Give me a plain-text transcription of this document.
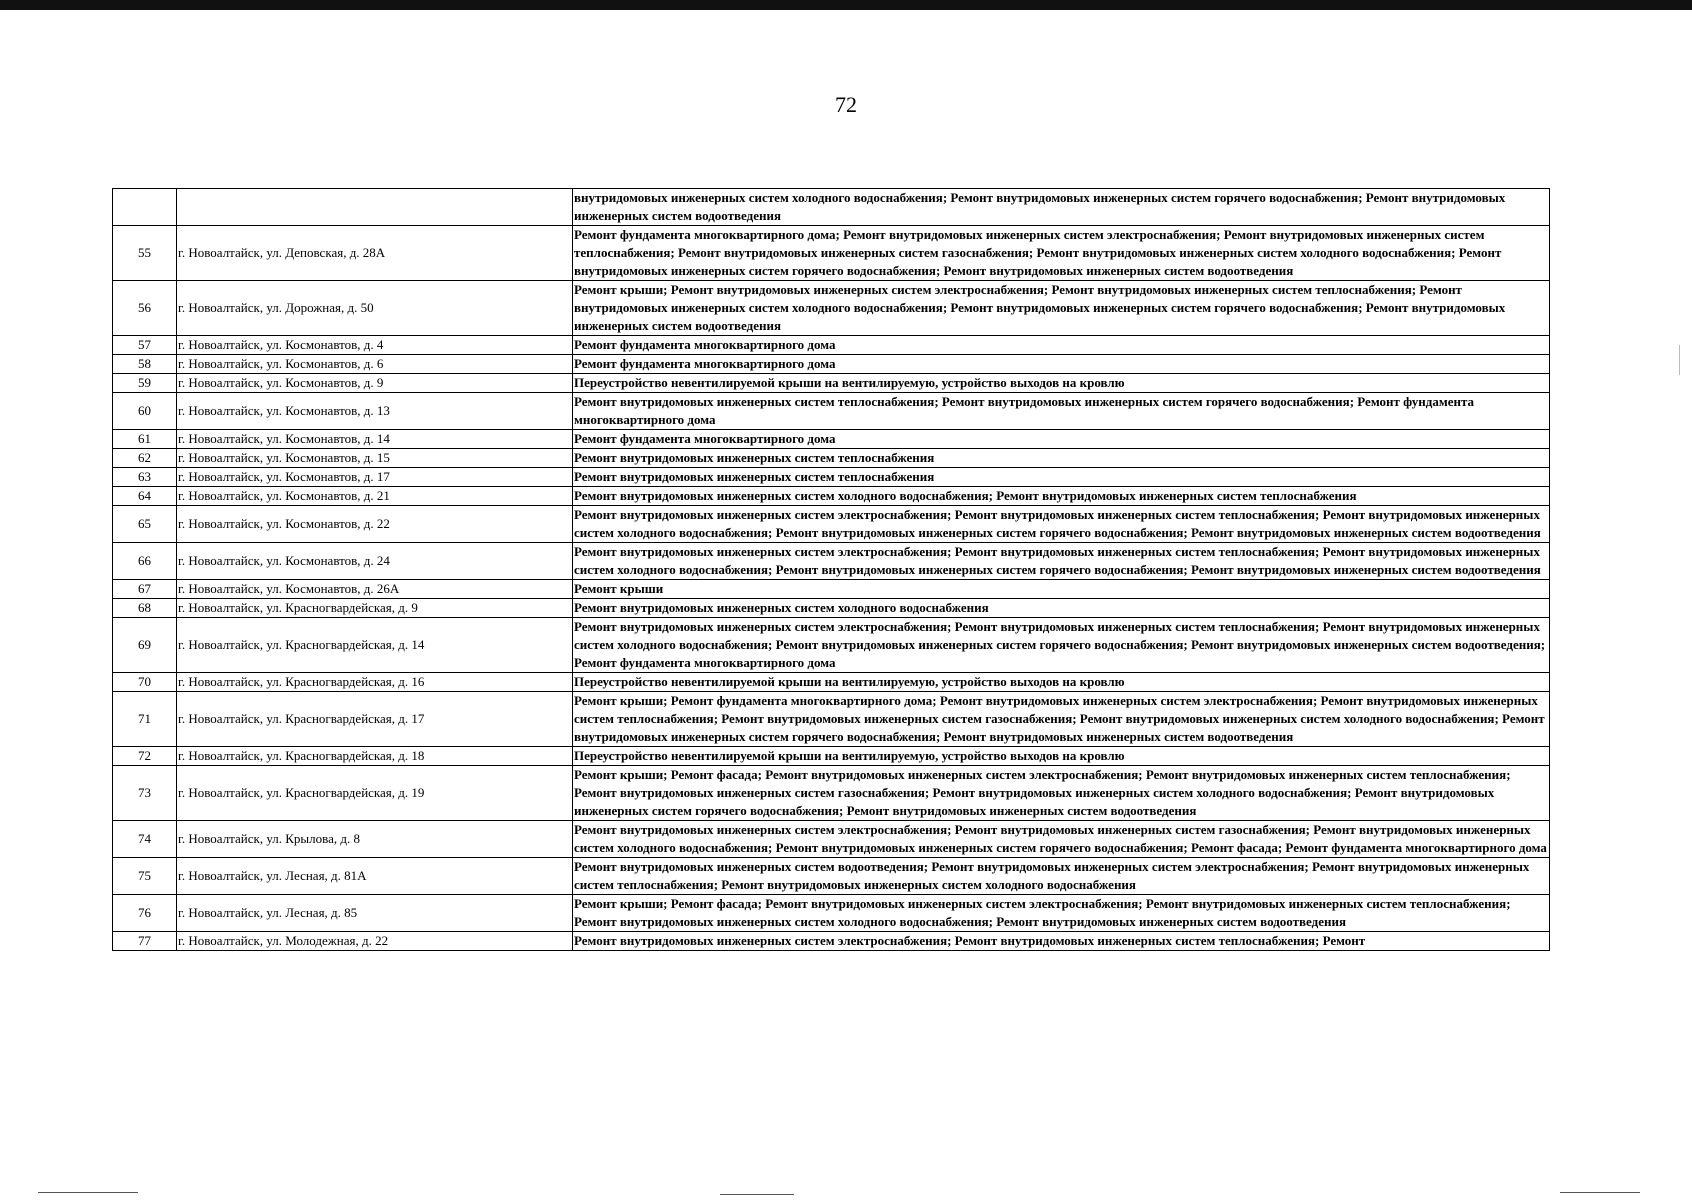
72
		внутридомовых инженерных систем холодного водоснабжения; Ремонт внутридомовых инженерных систем горячего водоснабжения; Ремонт внутридомовых инженерных систем водоотведения
55	г. Новоалтайск, ул. Деповская, д. 28А	Ремонт фундамента многоквартирного дома; Ремонт внутридомовых инженерных систем электроснабжения; Ремонт внутридомовых инженерных систем теплоснабжения; Ремонт внутридомовых инженерных систем газоснабжения; Ремонт внутридомовых инженерных систем холодного водоснабжения; Ремонт внутридомовых инженерных систем горячего водоснабжения; Ремонт внутридомовых инженерных систем водоотведения
56	г. Новоалтайск, ул. Дорожная, д. 50	Ремонт крыши; Ремонт внутридомовых инженерных систем электроснабжения; Ремонт внутридомовых инженерных систем теплоснабжения; Ремонт внутридомовых инженерных систем холодного водоснабжения; Ремонт внутридомовых инженерных систем горячего водоснабжения; Ремонт внутридомовых инженерных систем водоотведения
57	г. Новоалтайск, ул. Космонавтов, д. 4	Ремонт фундамента многоквартирного дома
58	г. Новоалтайск, ул. Космонавтов, д. 6	Ремонт фундамента многоквартирного дома
59	г. Новоалтайск, ул. Космонавтов, д. 9	Переустройство невентилируемой крыши на вентилируемую, устройство выходов на кровлю
60	г. Новоалтайск, ул. Космонавтов, д. 13	Ремонт внутридомовых инженерных систем теплоснабжения; Ремонт внутридомовых инженерных систем горячего водоснабжения; Ремонт фундамента многоквартирного дома
61	г. Новоалтайск, ул. Космонавтов, д. 14	Ремонт фундамента многоквартирного дома
62	г. Новоалтайск, ул. Космонавтов, д. 15	Ремонт внутридомовых инженерных систем теплоснабжения
63	г. Новоалтайск, ул. Космонавтов, д. 17	Ремонт внутридомовых инженерных систем теплоснабжения
64	г. Новоалтайск, ул. Космонавтов, д. 21	Ремонт внутридомовых инженерных систем холодного водоснабжения; Ремонт внутридомовых инженерных систем теплоснабжения
65	г. Новоалтайск, ул. Космонавтов, д. 22	Ремонт внутридомовых инженерных систем электроснабжения; Ремонт внутридомовых инженерных систем теплоснабжения; Ремонт внутридомовых инженерных систем холодного водоснабжения; Ремонт внутридомовых инженерных систем горячего водоснабжения; Ремонт внутридомовых инженерных систем водоотведения
66	г. Новоалтайск, ул. Космонавтов, д. 24	Ремонт внутридомовых инженерных систем электроснабжения; Ремонт внутридомовых инженерных систем теплоснабжения; Ремонт внутридомовых инженерных систем холодного водоснабжения; Ремонт внутридомовых инженерных систем горячего водоснабжения; Ремонт внутридомовых инженерных систем водоотведения
67	г. Новоалтайск, ул. Космонавтов, д. 26А	Ремонт крыши
68	г. Новоалтайск, ул. Красногвардейская, д. 9	Ремонт внутридомовых инженерных систем холодного водоснабжения
69	г. Новоалтайск, ул. Красногвардейская, д. 14	Ремонт внутридомовых инженерных систем электроснабжения; Ремонт внутридомовых инженерных систем теплоснабжения; Ремонт внутридомовых инженерных систем холодного водоснабжения; Ремонт внутридомовых инженерных систем горячего водоснабжения; Ремонт внутридомовых инженерных систем водоотведения; Ремонт фундамента многоквартирного дома
70	г. Новоалтайск, ул. Красногвардейская, д. 16	Переустройство невентилируемой крыши на вентилируемую, устройство выходов на кровлю
71	г. Новоалтайск, ул. Красногвардейская, д. 17	Ремонт крыши; Ремонт фундамента многоквартирного дома; Ремонт внутридомовых инженерных систем электроснабжения; Ремонт внутридомовых инженерных систем теплоснабжения; Ремонт внутридомовых инженерных систем газоснабжения; Ремонт внутридомовых инженерных систем холодного водоснабжения; Ремонт внутридомовых инженерных систем горячего водоснабжения; Ремонт внутридомовых инженерных систем водоотведения
72	г. Новоалтайск, ул. Красногвардейская, д. 18	Переустройство невентилируемой крыши на вентилируемую, устройство выходов на кровлю
73	г. Новоалтайск, ул. Красногвардейская, д. 19	Ремонт крыши; Ремонт фасада; Ремонт внутридомовых инженерных систем электроснабжения; Ремонт внутридомовых инженерных систем теплоснабжения; Ремонт внутридомовых инженерных систем газоснабжения; Ремонт внутридомовых инженерных систем холодного водоснабжения; Ремонт внутридомовых инженерных систем горячего водоснабжения; Ремонт внутридомовых инженерных систем водоотведения
74	г. Новоалтайск, ул. Крылова, д. 8	Ремонт внутридомовых инженерных систем электроснабжения; Ремонт внутридомовых инженерных систем газоснабжения; Ремонт внутридомовых инженерных систем холодного водоснабжения; Ремонт внутридомовых инженерных систем горячего водоснабжения; Ремонт фасада; Ремонт фундамента многоквартирного дома
75	г. Новоалтайск, ул. Лесная, д. 81А	Ремонт внутридомовых инженерных систем водоотведения; Ремонт внутридомовых инженерных систем электроснабжения; Ремонт внутридомовых инженерных систем теплоснабжения; Ремонт внутридомовых инженерных систем холодного водоснабжения
76	г. Новоалтайск, ул. Лесная, д. 85	Ремонт крыши; Ремонт фасада; Ремонт внутридомовых инженерных систем электроснабжения; Ремонт внутридомовых инженерных систем теплоснабжения; Ремонт внутридомовых инженерных систем холодного водоснабжения; Ремонт внутридомовых инженерных систем водоотведения
77	г. Новоалтайск, ул. Молодежная, д. 22	Ремонт внутридомовых инженерных систем электроснабжения; Ремонт внутридомовых инженерных систем теплоснабжения; Ремонт
